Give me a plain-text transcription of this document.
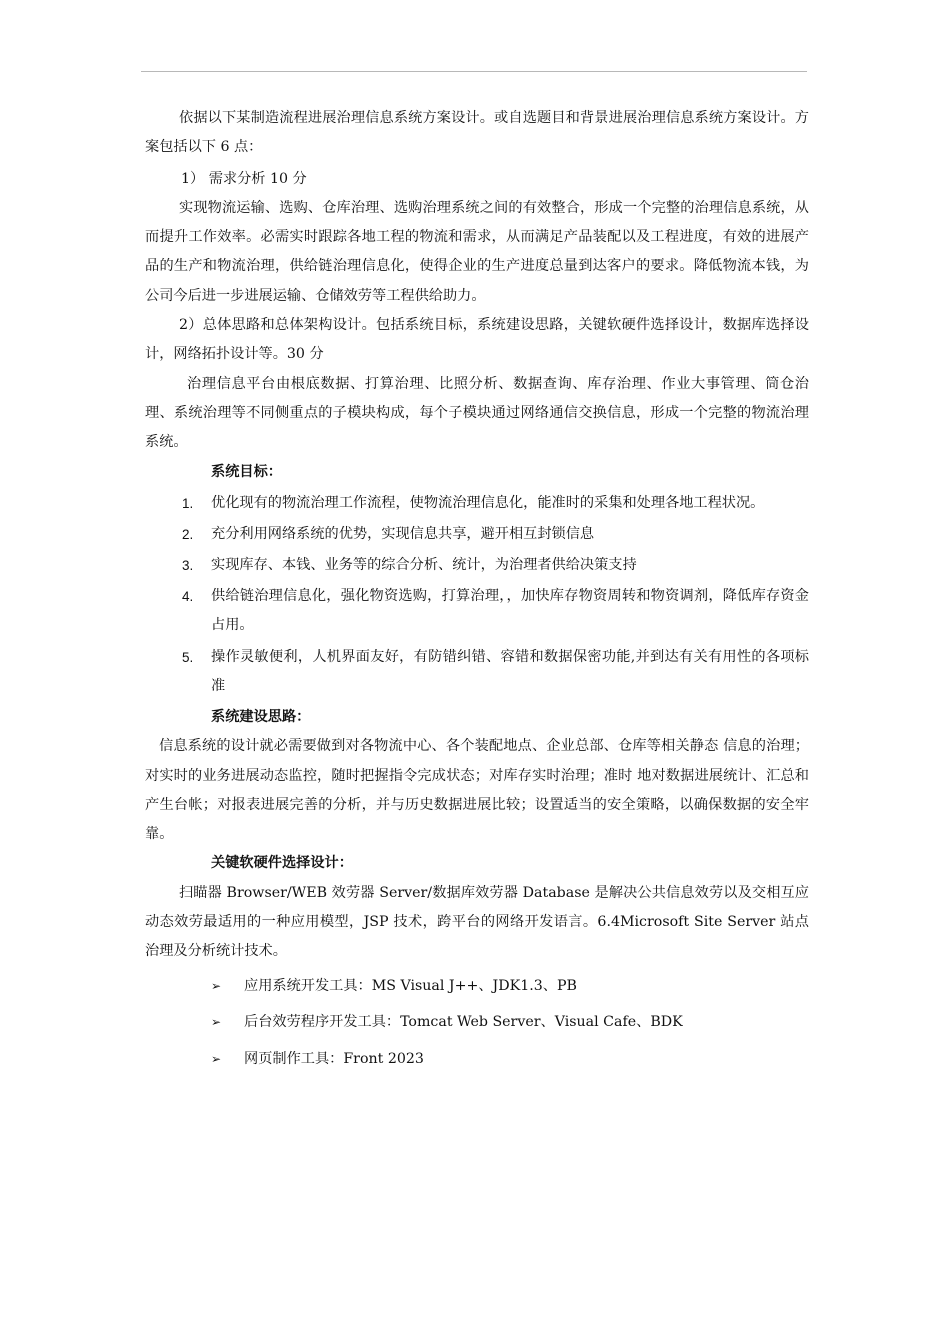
依据以下某制造流程进展治理信息系统方案设计。或自选题目和背景进展治理信息系统方案设计。方案包括以下 6 点：

1） 需求分析 10 分

实现物流运输、选购、仓库治理、选购治理系统之间的有效整合，形成一个完整的治理信息系统，从而提升工作效率。必需实时跟踪各地工程的物流和需求，从而满足产品装配以及工程进度，有效的进展产品的生产和物流治理，供给链治理信息化，使得企业的生产进度总量到达客户的要求。降低物流本钱，为公司今后进一步进展运输、仓储效劳等工程供给助力。

2）总体思路和总体架构设计。包括系统目标，系统建设思路，关键软硬件选择设计，数据库选择设计，网络拓扑设计等。30 分

治理信息平台由根底数据、打算治理、比照分析、数据查询、库存治理、作业大事管理、筒仓治理、系统治理等不同侧重点的子模块构成，每个子模块通过网络通信交换信息，形成一个完整的物流治理系统。

系统目标：

1. 优化现有的物流治理工作流程，使物流治理信息化，能准时的采集和处理各地工程状况。
2. 充分利用网络系统的优势，实现信息共享，避开相互封锁信息
3. 实现库存、本钱、业务等的综合分析、统计，为治理者供给决策支持
4. 供给链治理信息化，强化物资选购，打算治理，，加快库存物资周转和物资调剂，降低库存资金占用。
5. 操作灵敏便利，人机界面友好，有防错纠错、容错和数据保密功能,并到达有关有用性的各项标准

系统建设思路：

信息系统的设计就必需要做到对各物流中心、各个装配地点、企业总部、仓库等相关静态 信息的治理；对实时的业务进展动态监控，随时把握指令完成状态；对库存实时治理；准时 地对数据进展统计、汇总和产生台帐；对报表进展完善的分析，并与历史数据进展比较；设置适当的安全策略，以确保数据的安全牢靠。

关键软硬件选择设计：

扫瞄器 Browser/WEB 效劳器 Server/数据库效劳器 Database 是解决公共信息效劳以及交相互应动态效劳最适用的一种应用模型，JSP 技术，跨平台的网络开发语言。6.4Microsoft Site Server 站点治理及分析统计技术。

➢ 应用系统开发工具：MS Visual J++、JDK1.3、PB
➢ 后台效劳程序开发工具：Tomcat Web Server、Visual Cafe、BDK
➢ 网页制作工具：Front 2023
